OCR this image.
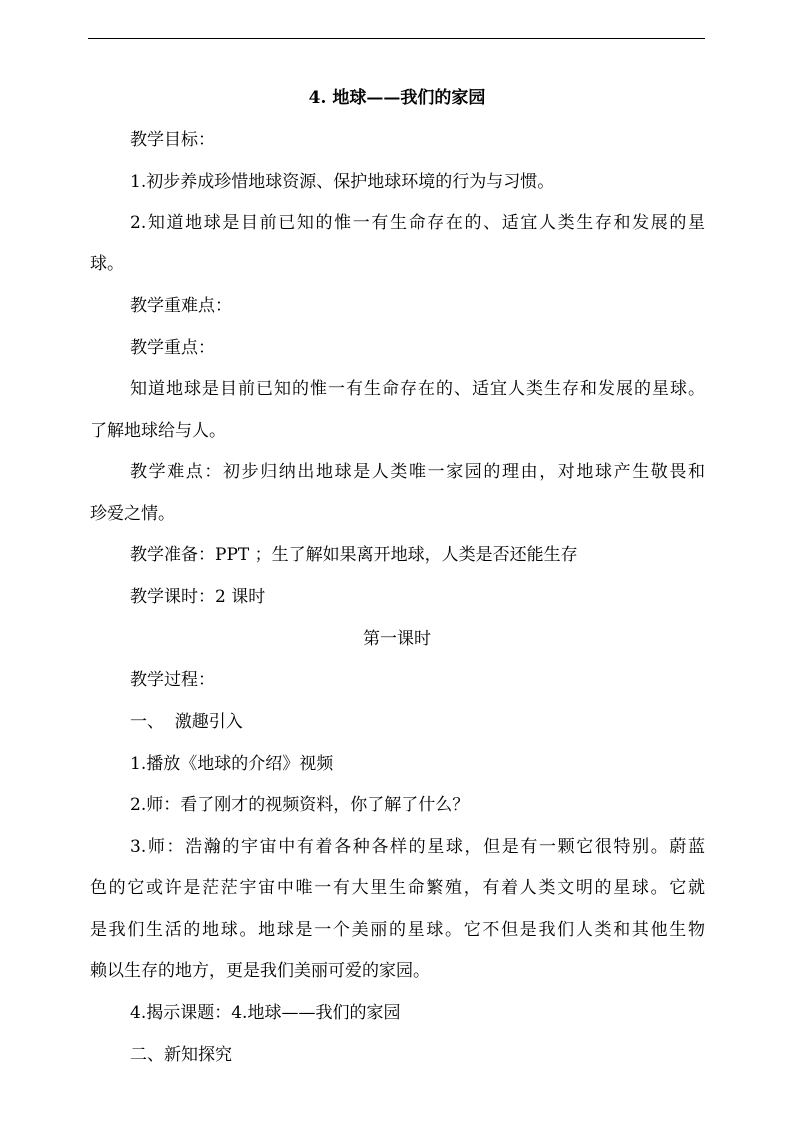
4. 地球——我们的家园
教学目标：
1.初步养成珍惜地球资源、保护地球环境的行为与习惯。
2.知道地球是目前已知的惟一有生命存在的、适宜人类生存和发展的星
球。
教学重难点：
教学重点：
知道地球是目前已知的惟一有生命存在的、适宜人类生存和发展的星球。
了解地球给与人。
教学难点：初步归纳出地球是人类唯一家园的理由，对地球产生敬畏和
珍爱之情。
教学准备：PPT ；生了解如果离开地球，人类是否还能生存
教学课时：2 课时
第一课时
教学过程：
一、  激趣引入
1.播放《地球的介绍》视频
2.师：看了刚才的视频资料，你了解了什么？
3.师：浩瀚的宇宙中有着各种各样的星球，但是有一颗它很特别。蔚蓝
色的它或许是茫茫宇宙中唯一有大里生命繁殖，有着人类文明的星球。它就
是我们生活的地球。地球是一个美丽的星球。它不但是我们人类和其他生物
赖以生存的地方，更是我们美丽可爱的家园。
4.揭示课题：4.地球——我们的家园
二、新知探究
